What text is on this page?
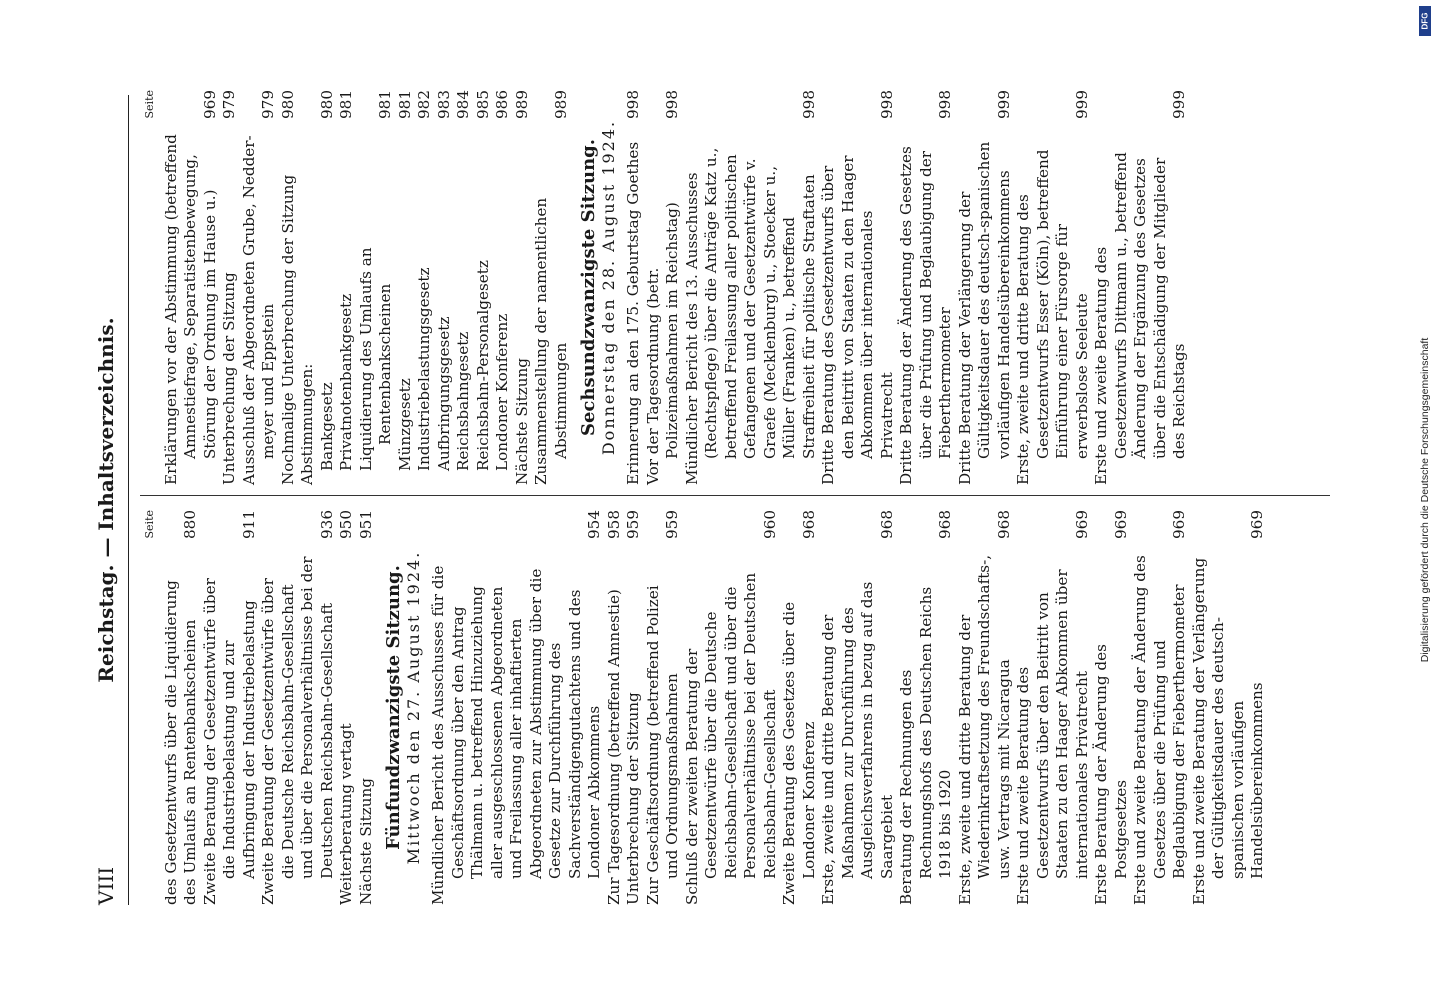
VIII
Reichstag. — Inhaltsverzeichnis. Seite
des Gesetzentwurfs über die Liquidierung des Umlaufs an Rentenbankscheinen
880
Zweite Beratung der Gesetzentwürfe über die Industriebelastung und zur Aufbringung der Industriebelastung
911
Zweite Beratung der Gesetzentwürfe über die Deutsche Reichsbahn-Gesellschaft und über die Personalverhältnisse bei der Deutschen Reichsbahn-Gesellschaft
936
Weiterberatung vertagt
950
Nächste Sitzung
951
Fünfundzwanzigste Sitzung. Mittwoch den 27. August 1924. Mündlicher Bericht des Ausschusses für die Geschäftsordnung über den Antrag Thälmann u. betreffend Hinzuziehung aller ausgeschlossenen Abgeordneten und Freilassung aller inhaftierten Abgeordneten zur Abstimmung über die Gesetze zur Durchführung des Sachverständigengutachtens und des Londoner Abkommens
954
Zur Tagesordnung (betreffend Amnestie)
958
Unterbrechung der Sitzung
959
Zur Geschäftsordnung (betreffend Polizei und Ordnungsmaßnahmen
959
Schluß der zweiten Beratung der Gesetzentwürfe über die Deutsche Reichsbahn-Gesellschaft und über die Personalverhältnisse bei der Deutschen Reichsbahn-Gesellschaft
960
Zweite Beratung des Gesetzes über die Londoner Konferenz
968
Erste, zweite und dritte Beratung der Maßnahmen zur Durchführung des Ausgleichsverfahrens in bezug auf das Saargebiet
968
Beratung der Rechnungen des Rechnungshofs des Deutschen Reichs 1918 bis 1920
968
Erste, zweite und dritte Beratung der Wiederinkraftsetzung des Freundschafts-, usw. Vertrags mit Nicaragua
968
Erste und zweite Beratung des Gesetzentwurfs über den Beitritt von Staaten zu den Haager Abkommen über internationales Privatrecht
969
Erste Beratung der Änderung des Postgesetzes
969
Erste und zweite Beratung der Änderung des Gesetzes über die Prüfung und Beglaubigung der Fieberthermometer
969
Erste und zweite Beratung der Verlängerung der Gültigkeitsdauer des deutsch-spanischen vorläufigen Handelsübereinkommens
969
Seite
Erklärungen vor der Abstimmung (betreffend Amnestiefrage, Separatistenbewegung, Störung der Ordnung im Hause u.)
969
Unterbrechung der Sitzung
979
Ausschluß der Abgeordneten Grube, Nedder-meyer und Eppstein
979
Nochmalige Unterbrechung der Sitzung
980
Abstimmungen: Bankgesetz
980
Privatnotenbankgesetz
981
Liquidierung des Umlaufs an Rentenbankscheinen
981
Münzgesetz
981
Industriebelastungsgesetz
982
Aufbringungsgesetz
983
Reichsbahngesetz
984
Reichsbahn-Personalgesetz
985
Londoner Konferenz
986
Nächste Sitzung
989
Zusammenstellung der namentlichen Abstimmungen
989
Sechsundzwanzigste Sitzung. Donnerstag den 28. August 1924. Erinnerung an den 175. Geburtstag Goethes
998
Vor der Tagesordnung (betr. Polizeimaßnahmen im Reichstag)
998
Mündlicher Bericht des 13. Ausschusses (Rechtspflege) über die Anträge Katz u., betreffend Freilassung aller politischen Gefangenen und der Gesetzentwürfe v. Graefe (Mecklenburg) u., Stoecker u., Müller (Franken) u., betreffend Straffreiheit für politische Straftaten
998
Dritte Beratung des Gesetzentwurfs über den Beitritt von Staaten zu den Haager Abkommen über internationales Privatrecht
998
Dritte Beratung der Änderung des Gesetzes über die Prüfung und Beglaubigung der Fieberthermometer
998
Dritte Beratung der Verlängerung der Gültigkeitsdauer des deutsch-spanischen vorläufigen Handelsübereinkommens
999
Erste, zweite und dritte Beratung des Gesetzentwurfs Esser (Köln), betreffend Einführung einer Fürsorge für erwerbslose Seeleute
999
Erste und zweite Beratung des Gesetzentwurfs Dittmann u., betreffend Änderung der Ergänzung des Gesetzes über die Entschädigung der Mitglieder des Reichstags
999
Digitalisierung gefördert durch die Deutsche Forschungsgemeinschaft
DFG
